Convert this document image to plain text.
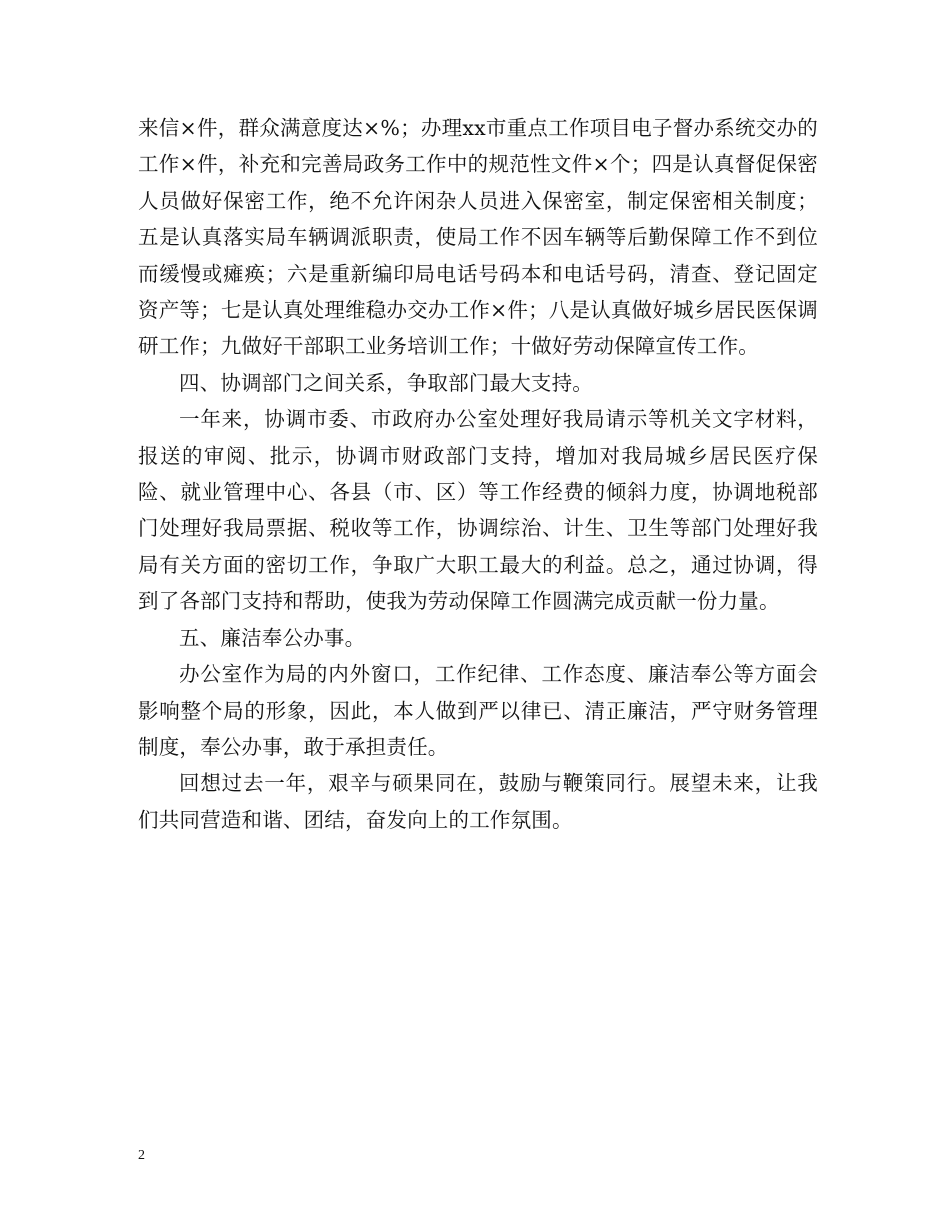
来信×件，群众满意度达×%；办理xx市重点工作项目电子督办系统交办的工作×件，补充和完善局政务工作中的规范性文件×个；四是认真督促保密人员做好保密工作，绝不允许闲杂人员进入保密室，制定保密相关制度；五是认真落实局车辆调派职责，使局工作不因车辆等后勤保障工作不到位而缓慢或瘫痪；六是重新编印局电话号码本和电话号码，清查、登记固定资产等；七是认真处理维稳办交办工作×件；八是认真做好城乡居民医保调研工作；九做好干部职工业务培训工作；十做好劳动保障宣传工作。

四、协调部门之间关系，争取部门最大支持。

一年来，协调市委、市政府办公室处理好我局请示等机关文字材料，报送的审阅、批示，协调市财政部门支持，增加对我局城乡居民医疗保险、就业管理中心、各县（市、区）等工作经费的倾斜力度，协调地税部门处理好我局票据、税收等工作，协调综治、计生、卫生等部门处理好我局有关方面的密切工作，争取广大职工最大的利益。总之，通过协调，得到了各部门支持和帮助，使我为劳动保障工作圆满完成贡献一份力量。

五、廉洁奉公办事。

办公室作为局的内外窗口，工作纪律、工作态度、廉洁奉公等方面会影响整个局的形象，因此，本人做到严以律已、清正廉洁，严守财务管理制度，奉公办事，敢于承担责任。

回想过去一年，艰辛与硕果同在，鼓励与鞭策同行。展望未来，让我们共同营造和谐、团结，奋发向上的工作氛围。

2
